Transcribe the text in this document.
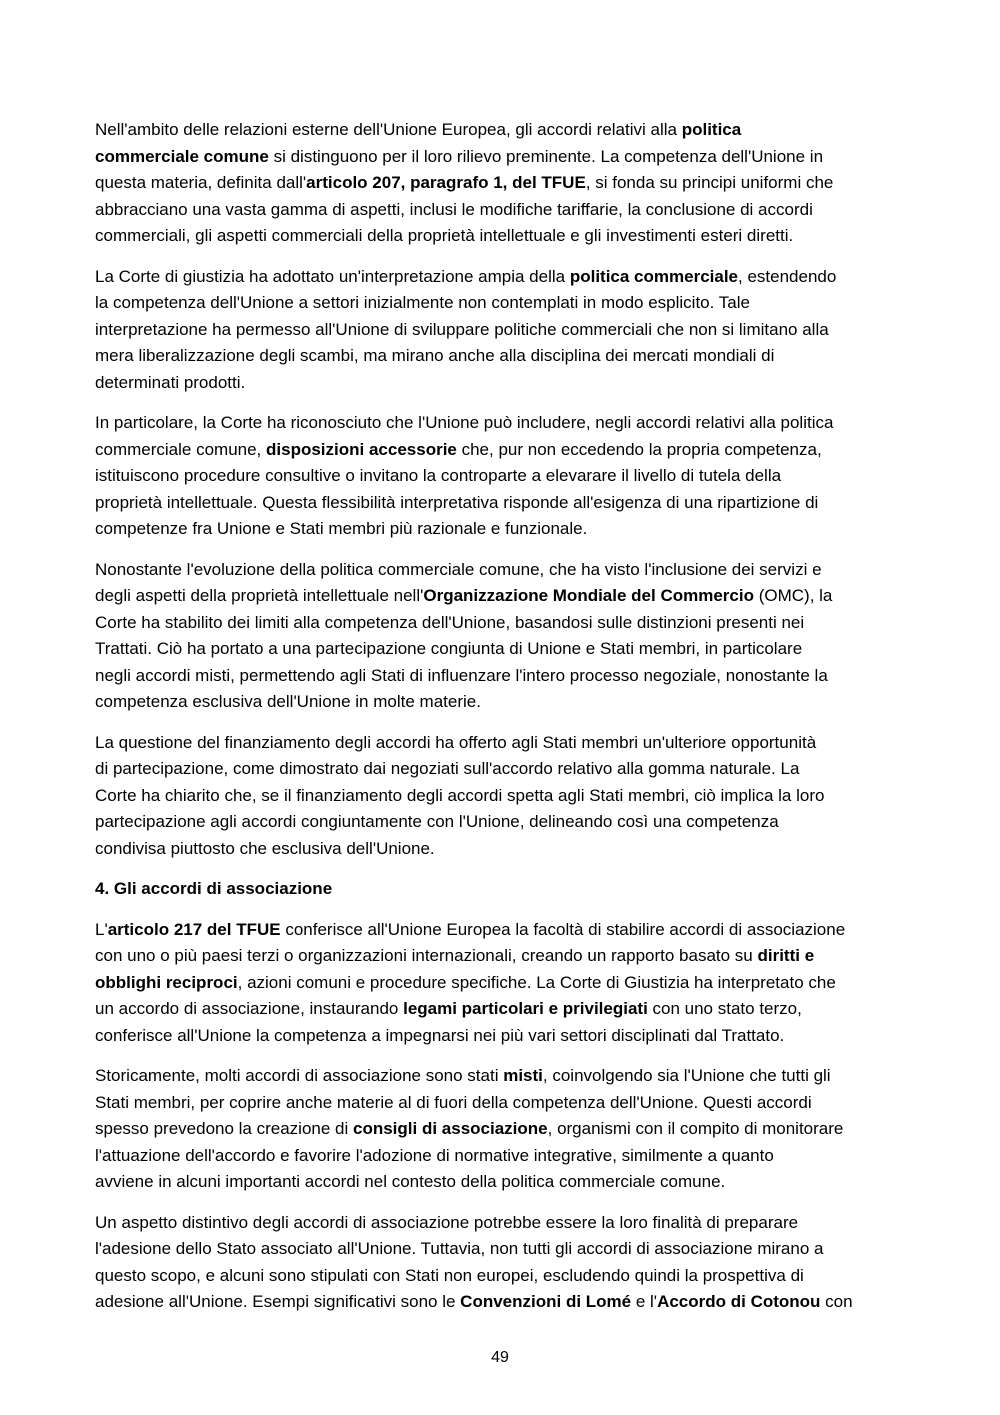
Nell'ambito delle relazioni esterne dell'Unione Europea, gli accordi relativi alla politica
commerciale comune si distinguono per il loro rilievo preminente. La competenza dell'Unione in
questa materia, definita dall'articolo 207, paragrafo 1, del TFUE, si fonda su principi uniformi che
abbracciano una vasta gamma di aspetti, inclusi le modifiche tariffarie, la conclusione di accordi
commerciali, gli aspetti commerciali della proprietà intellettuale e gli investimenti esteri diretti.

La Corte di giustizia ha adottato un'interpretazione ampia della politica commerciale, estendendo
la competenza dell'Unione a settori inizialmente non contemplati in modo esplicito. Tale
interpretazione ha permesso all'Unione di sviluppare politiche commerciali che non si limitano alla
mera liberalizzazione degli scambi, ma mirano anche alla disciplina dei mercati mondiali di
determinati prodotti.

In particolare, la Corte ha riconosciuto che l'Unione può includere, negli accordi relativi alla politica
commerciale comune, disposizioni accessorie che, pur non eccedendo la propria competenza,
istituiscono procedure consultive o invitano la controparte a elevarare il livello di tutela della
proprietà intellettuale. Questa flessibilità interpretativa risponde all'esigenza di una ripartizione di
competenze fra Unione e Stati membri più razionale e funzionale.

Nonostante l'evoluzione della politica commerciale comune, che ha visto l'inclusione dei servizi e
degli aspetti della proprietà intellettuale nell'Organizzazione Mondiale del Commercio (OMC), la
Corte ha stabilito dei limiti alla competenza dell'Unione, basandosi sulle distinzioni presenti nei
Trattati. Ciò ha portato a una partecipazione congiunta di Unione e Stati membri, in particolare
negli accordi misti, permettendo agli Stati di influenzare l'intero processo negoziale, nonostante la
competenza esclusiva dell'Unione in molte materie.

La questione del finanziamento degli accordi ha offerto agli Stati membri un'ulteriore opportunità
di partecipazione, come dimostrato dai negoziati sull'accordo relativo alla gomma naturale. La
Corte ha chiarito che, se il finanziamento degli accordi spetta agli Stati membri, ciò implica la loro
partecipazione agli accordi congiuntamente con l'Unione, delineando così una competenza
condivisa piuttosto che esclusiva dell'Unione.

4. Gli accordi di associazione

L'articolo 217 del TFUE conferisce all'Unione Europea la facoltà di stabilire accordi di associazione
con uno o più paesi terzi o organizzazioni internazionali, creando un rapporto basato su diritti e
obblighi reciproci, azioni comuni e procedure specifiche. La Corte di Giustizia ha interpretato che
un accordo di associazione, instaurando legami particolari e privilegiati con uno stato terzo,
conferisce all'Unione la competenza a impegnarsi nei più vari settori disciplinati dal Trattato.

Storicamente, molti accordi di associazione sono stati misti, coinvolgendo sia l'Unione che tutti gli
Stati membri, per coprire anche materie al di fuori della competenza dell'Unione. Questi accordi
spesso prevedono la creazione di consigli di associazione, organismi con il compito di monitorare
l'attuazione dell'accordo e favorire l'adozione di normative integrative, similmente a quanto
avviene in alcuni importanti accordi nel contesto della politica commerciale comune.

Un aspetto distintivo degli accordi di associazione potrebbe essere la loro finalità di preparare
l'adesione dello Stato associato all'Unione. Tuttavia, non tutti gli accordi di associazione mirano a
questo scopo, e alcuni sono stipulati con Stati non europei, escludendo quindi la prospettiva di
adesione all'Unione. Esempi significativi sono le Convenzioni di Lomé e l'Accordo di Cotonou con

49
